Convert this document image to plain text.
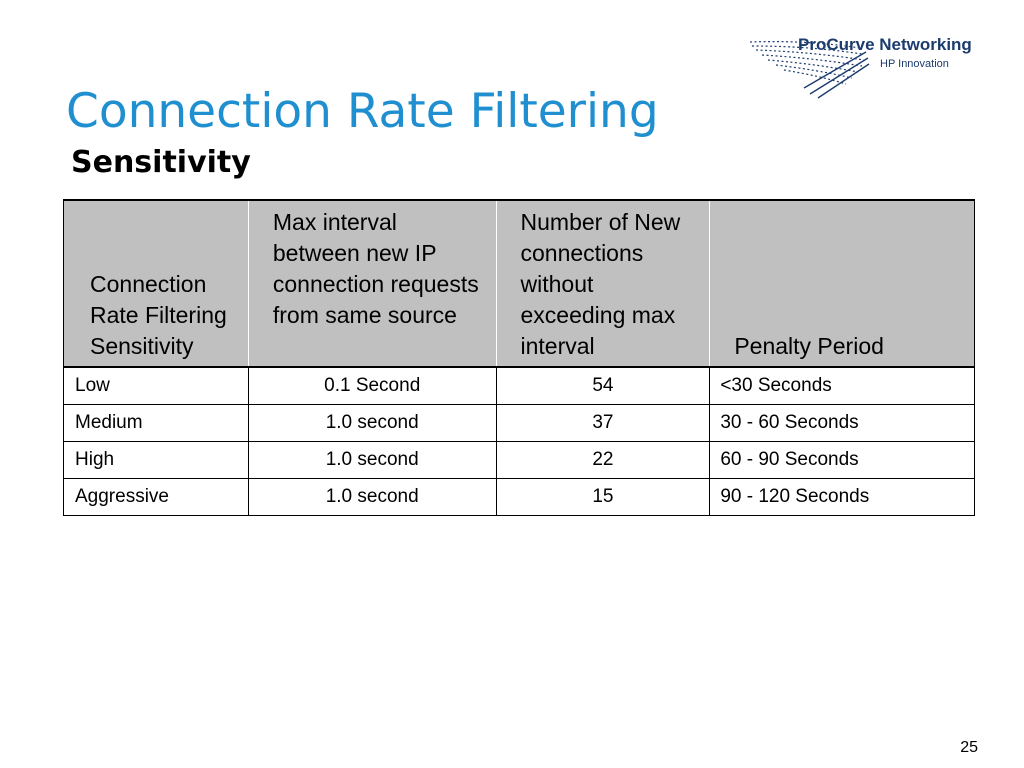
ProCurve Networking
HP Innovation
Connection Rate Filtering
Sensitivity
Connection Rate Filtering Sensitivity	Max interval between new IP connection requests from same source	Number of New connections without exceeding max interval	Penalty Period
Low	0.1 Second	54	<30 Seconds
Medium	1.0 second	37	30 - 60 Seconds
High	1.0 second	22	60 - 90 Seconds
Aggressive	1.0 second	15	90 - 120 Seconds
25
